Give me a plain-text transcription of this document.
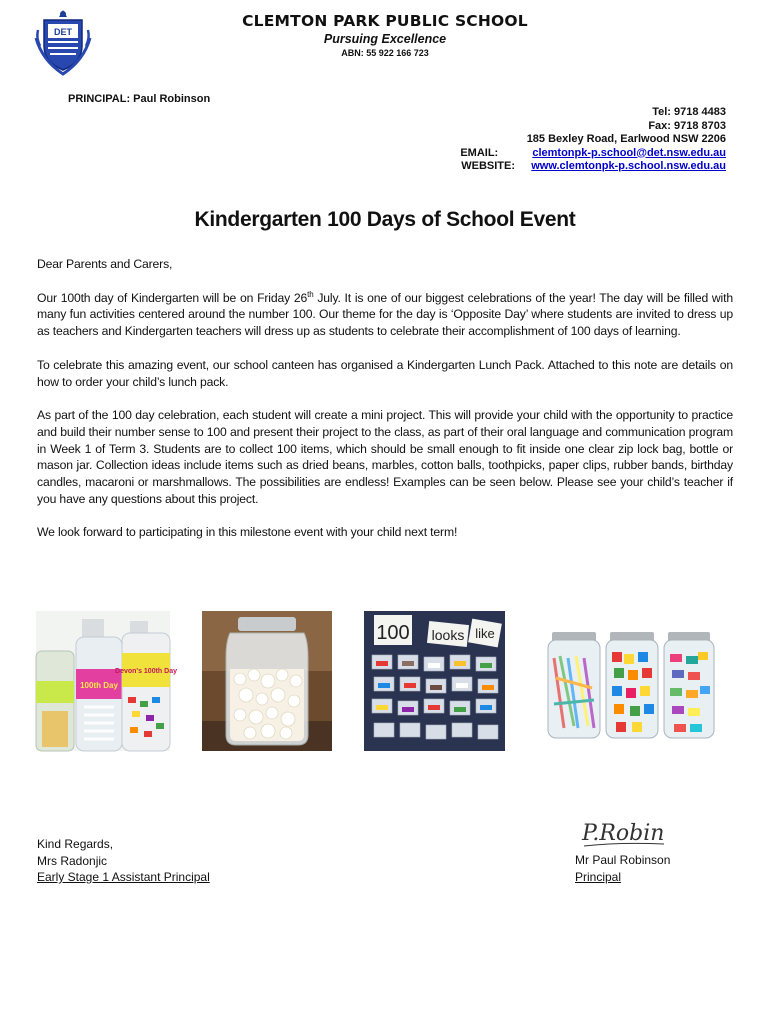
DET
CLEMTON PARK PUBLIC SCHOOL
Pursuing Excellence
ABN: 55 922 166 723
PRINCIPAL: Paul Robinson
Tel: 9718 4483
Fax: 9718 8703
185 Bexley Road, Earlwood NSW 2206
EMAIL:	clemtonpk-p.school@det.nsw.edu.au
WEBSITE: www.clemtonpk-p.school.nsw.edu.au
Kindergarten 100 Days of School Event

Dear Parents and Carers,

Our 100th day of Kindergarten will be on Friday 26th July. It is one of our biggest celebrations of the year! The day will be filled with many fun activities centered around the number 100. Our theme for the day is ‘Opposite Day’ where students are invited to dress up as teachers and Kindergarten teachers will dress up as students to celebrate their accomplishment of 100 days of learning.

To celebrate this amazing event, our school canteen has organised a Kindergarten Lunch Pack. Attached to this note are details on how to order your child’s lunch pack.

As part of the 100 day celebration, each student will create a mini project. This will provide your child with the opportunity to practice and build their number sense to 100 and present their project to the class, as part of their oral language and communication program in Week 1 of Term 3. Students are to collect 100 items, which should be small enough to fit inside one clear zip lock bag, bottle or mason jar. Collection ideas include items such as dried beans, marbles, cotton balls, toothpicks, paper clips, rubber bands, birthday candles, macaroni or marshmallows. The possibilities are endless! Examples can be seen below. Please see your child’s teacher if you have any questions about this project.

We look forward to participating in this milestone event with your child next term!

100th Day
Devon's 100th Day
100 looks like
P.Robin
Kind Regards,
Mrs Radonjic
Early Stage 1 Assistant Principal
Mr Paul Robinson
Principal
